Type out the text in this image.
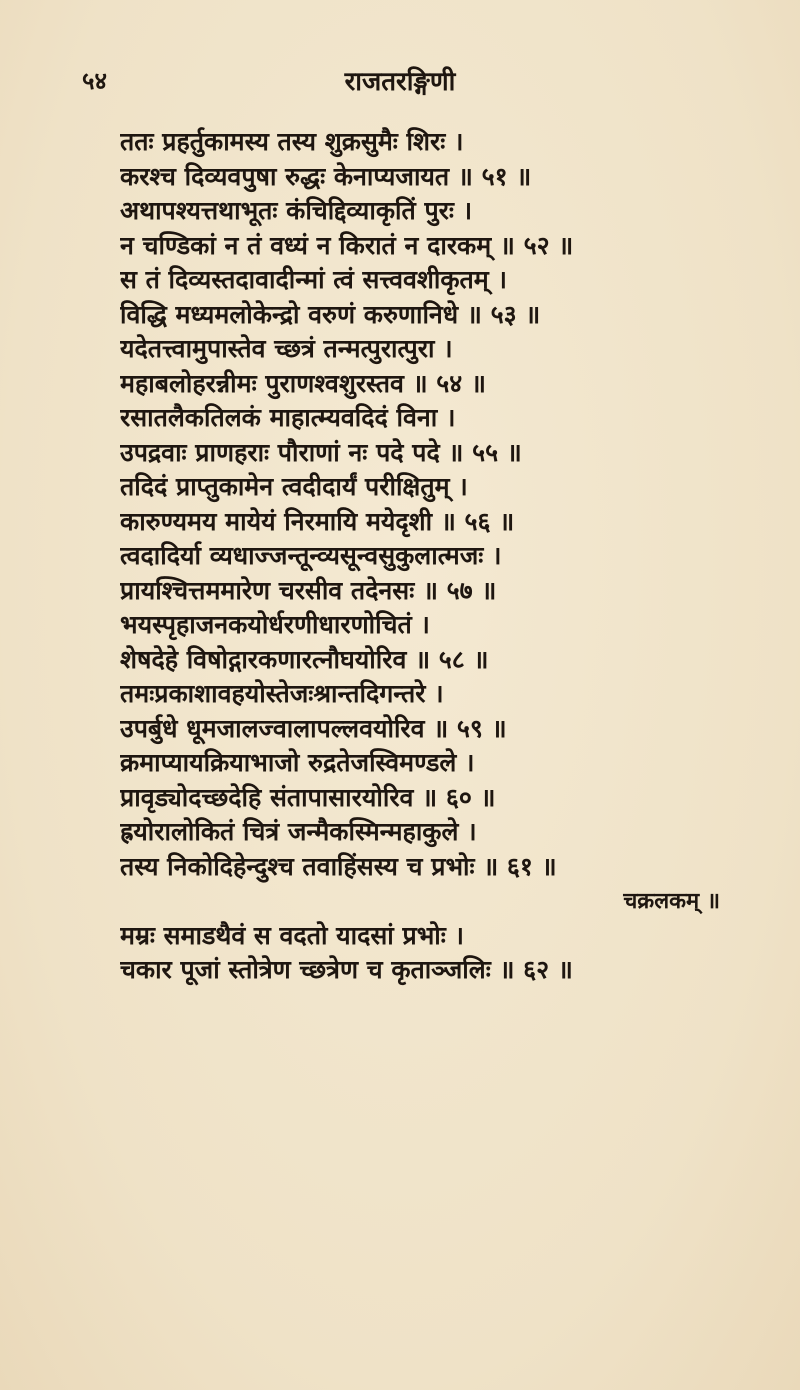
५४	राजतरङ्गिणी
ततः प्रहर्तुकामस्य तस्य शुक्रसुमैः शिरः ।
करश्च दिव्यवपुषा रुद्धः केनाप्यजायत ॥ ५१ ॥
अथापश्यत्तथाभूतः कंचिद्दिव्याकृतिं पुरः ।
न चण्डिकां न तं वध्यं न किरातं न दारकम् ॥ ५२ ॥
स तं दिव्यस्तदावादीन्मां त्वं सत्त्ववशीकृतम् ।
विद्धि मध्यमलोकेन्द्रो वरुणं करुणानिधे ॥ ५३ ॥
यदेतत्त्वामुपास्तेव च्छत्रं तन्मत्पुरात्पुरा ।
महाबलोहरन्नीमः पुराणश्वशुरस्तव ॥ ५४ ॥
रसातलैकतिलकं माहात्म्यवदिदं विना ।
उपद्रवाः प्राणहराः पौराणां नः पदे पदे ॥ ५५ ॥
तदिदं प्राप्तुकामेन त्वदीदार्यं परीक्षितुम् ।
कारुण्यमय मायेयं निरमायि मयेदृशी ॥ ५६ ॥
त्वदादिर्या व्यधाज्जन्तून्व्यसून्वसुकुलात्मजः ।
प्रायश्चित्तममारेण चरसीव तदेनसः ॥ ५७ ॥
भयस्पृहाजनकयोर्धरणीधारणोचितं ।
शेषदेहे विषोद्गारकणारत्नौघयोरिव ॥ ५८ ॥
तमःप्रकाशावहयोस्तेजःश्रान्तदिगन्तरे ।
उपर्बुधे धूमजालज्वालापल्लवयोरिव ॥ ५९ ॥
क्रमाप्यायक्रियाभाजो रुद्रतेजस्विमण्डले ।
प्रावृड्योदच्छदेहि संतापासारयोरिव ॥ ६० ॥
ह्रयोरालोकितं चित्रं जन्मैकस्मिन्महाकुले ।
तस्य निकोदिहेन्दुश्च तवाहिंसस्य च प्रभोः ॥ ६१ ॥
चक्रलकम् ॥
मम्रः समाडथैवं स वदतो यादसां प्रभोः ।
चकार पूजां स्तोत्रेण च्छत्रेण च कृताञ्जलिः ॥ ६२ ॥
